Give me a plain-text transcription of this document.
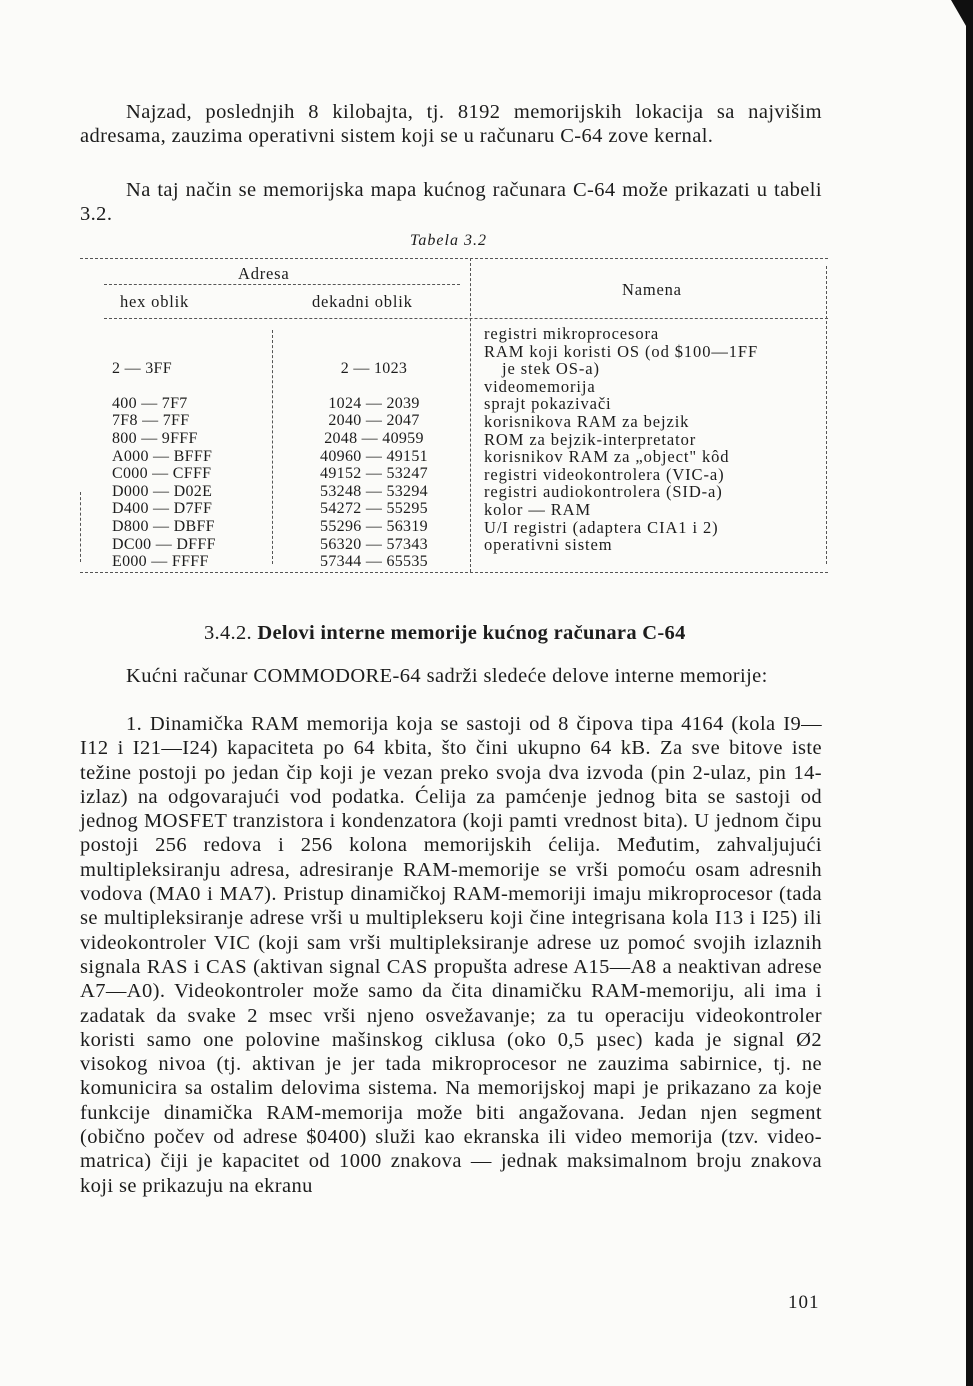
Najzad, poslednjih 8 kilobajta, tj. 8192 memorijskih lokacija sa najvišim adresama, zauzima operativni sistem koji se u računaru C-64 zove kernal.

Na taj način se memorijska mapa kućnog računara C-64 može prikazati u tabeli 3.2.

Tabela 3.2
Adresa
hex oblik	dekadni oblik
Namena
2 — 3FF
400 — 7F7
7F8 — 7FF
800 — 9FFF
A000 — BFFF
C000 — CFFF
D000 — D02E
D400 — D7FF
D800 — DBFF
DC00 — DFFF
E000 — FFFF
2 — 1023
1024 — 2039
2040 — 2047
2048 — 40959
40960 — 49151
49152 — 53247
53248 — 53294
54272 — 55295
55296 — 56319
56320 — 57343
57344 — 65535
registri mikroprocesora
RAM koji koristi OS (od $100—1FF
je stek OS-a)
videomemorija
sprajt pokazivači
korisnikova RAM za bejzik
ROM za bejzik-interpretator
korisnikov RAM za „object" kôd
registri videokontrolera (VIC-a)
registri audiokontrolera (SID-a)
kolor — RAM
U/I registri (adaptera CIA1 i 2)
operativni sistem
3.4.2. Delovi interne memorije kućnog računara C-64

Kućni računar COMMODORE-64 sadrži sledeće delove interne memorije:

1. Dinamička RAM memorija koja se sastoji od 8 čipova tipa 4164 (kola I9—I12 i I21—I24) kapaciteta po 64 kbita, što čini ukupno 64 kB. Za sve bitove iste težine postoji po jedan čip koji je vezan preko svoja dva izvoda (pin 2-ulaz, pin 14-izlaz) na odgovarajući vod podatka. Ćelija za pamćenje jednog bita se sastoji od jednog MOSFET tranzistora i kondenzatora (koji pamti vrednost bita). U jednom čipu postoji 256 redova i 256 kolona memorijskih ćelija. Međutim, zahvaljujući multipleksiranju adresa, adresiranje RAM-memorije se vrši pomoću osam adresnih vodova (MA0 i MA7). Pristup dinamičkoj RAM-memoriji imaju mikroprocesor (tada se multipleksiranje adrese vrši u multiplekseru koji čine integrisana kola I13 i I25) ili videokontroler VIC (koji sam vrši multipleksiranje adrese uz pomoć svojih izlaznih signala RAS i CAS (aktivan signal CAS propušta adrese A15—A8 a neaktivan adrese A7—A0). Videokontroler može samo da čita dinamičku RAM-memoriju, ali ima i zadatak da svake 2 msec vrši njeno osvežavanje; za tu operaciju videokontroler koristi samo one polovine mašinskog ciklusa (oko 0,5 µsec) kada je signal Ø2 visokog nivoa (tj. aktivan je jer tada mikroprocesor ne zauzima sabirnice, tj. ne komunicira sa ostalim delovima sistema. Na memorijskoj mapi je prikazano za koje funkcije dinamička RAM-memorija može biti angažovana. Jedan njen segment (obično počev od adrese $0400) služi kao ekranska ili video memorija (tzv. video-matrica) čiji je kapacitet od 1000 znakova — jednak maksimalnom broju znakova koji se prikazuju na ekranu

101
